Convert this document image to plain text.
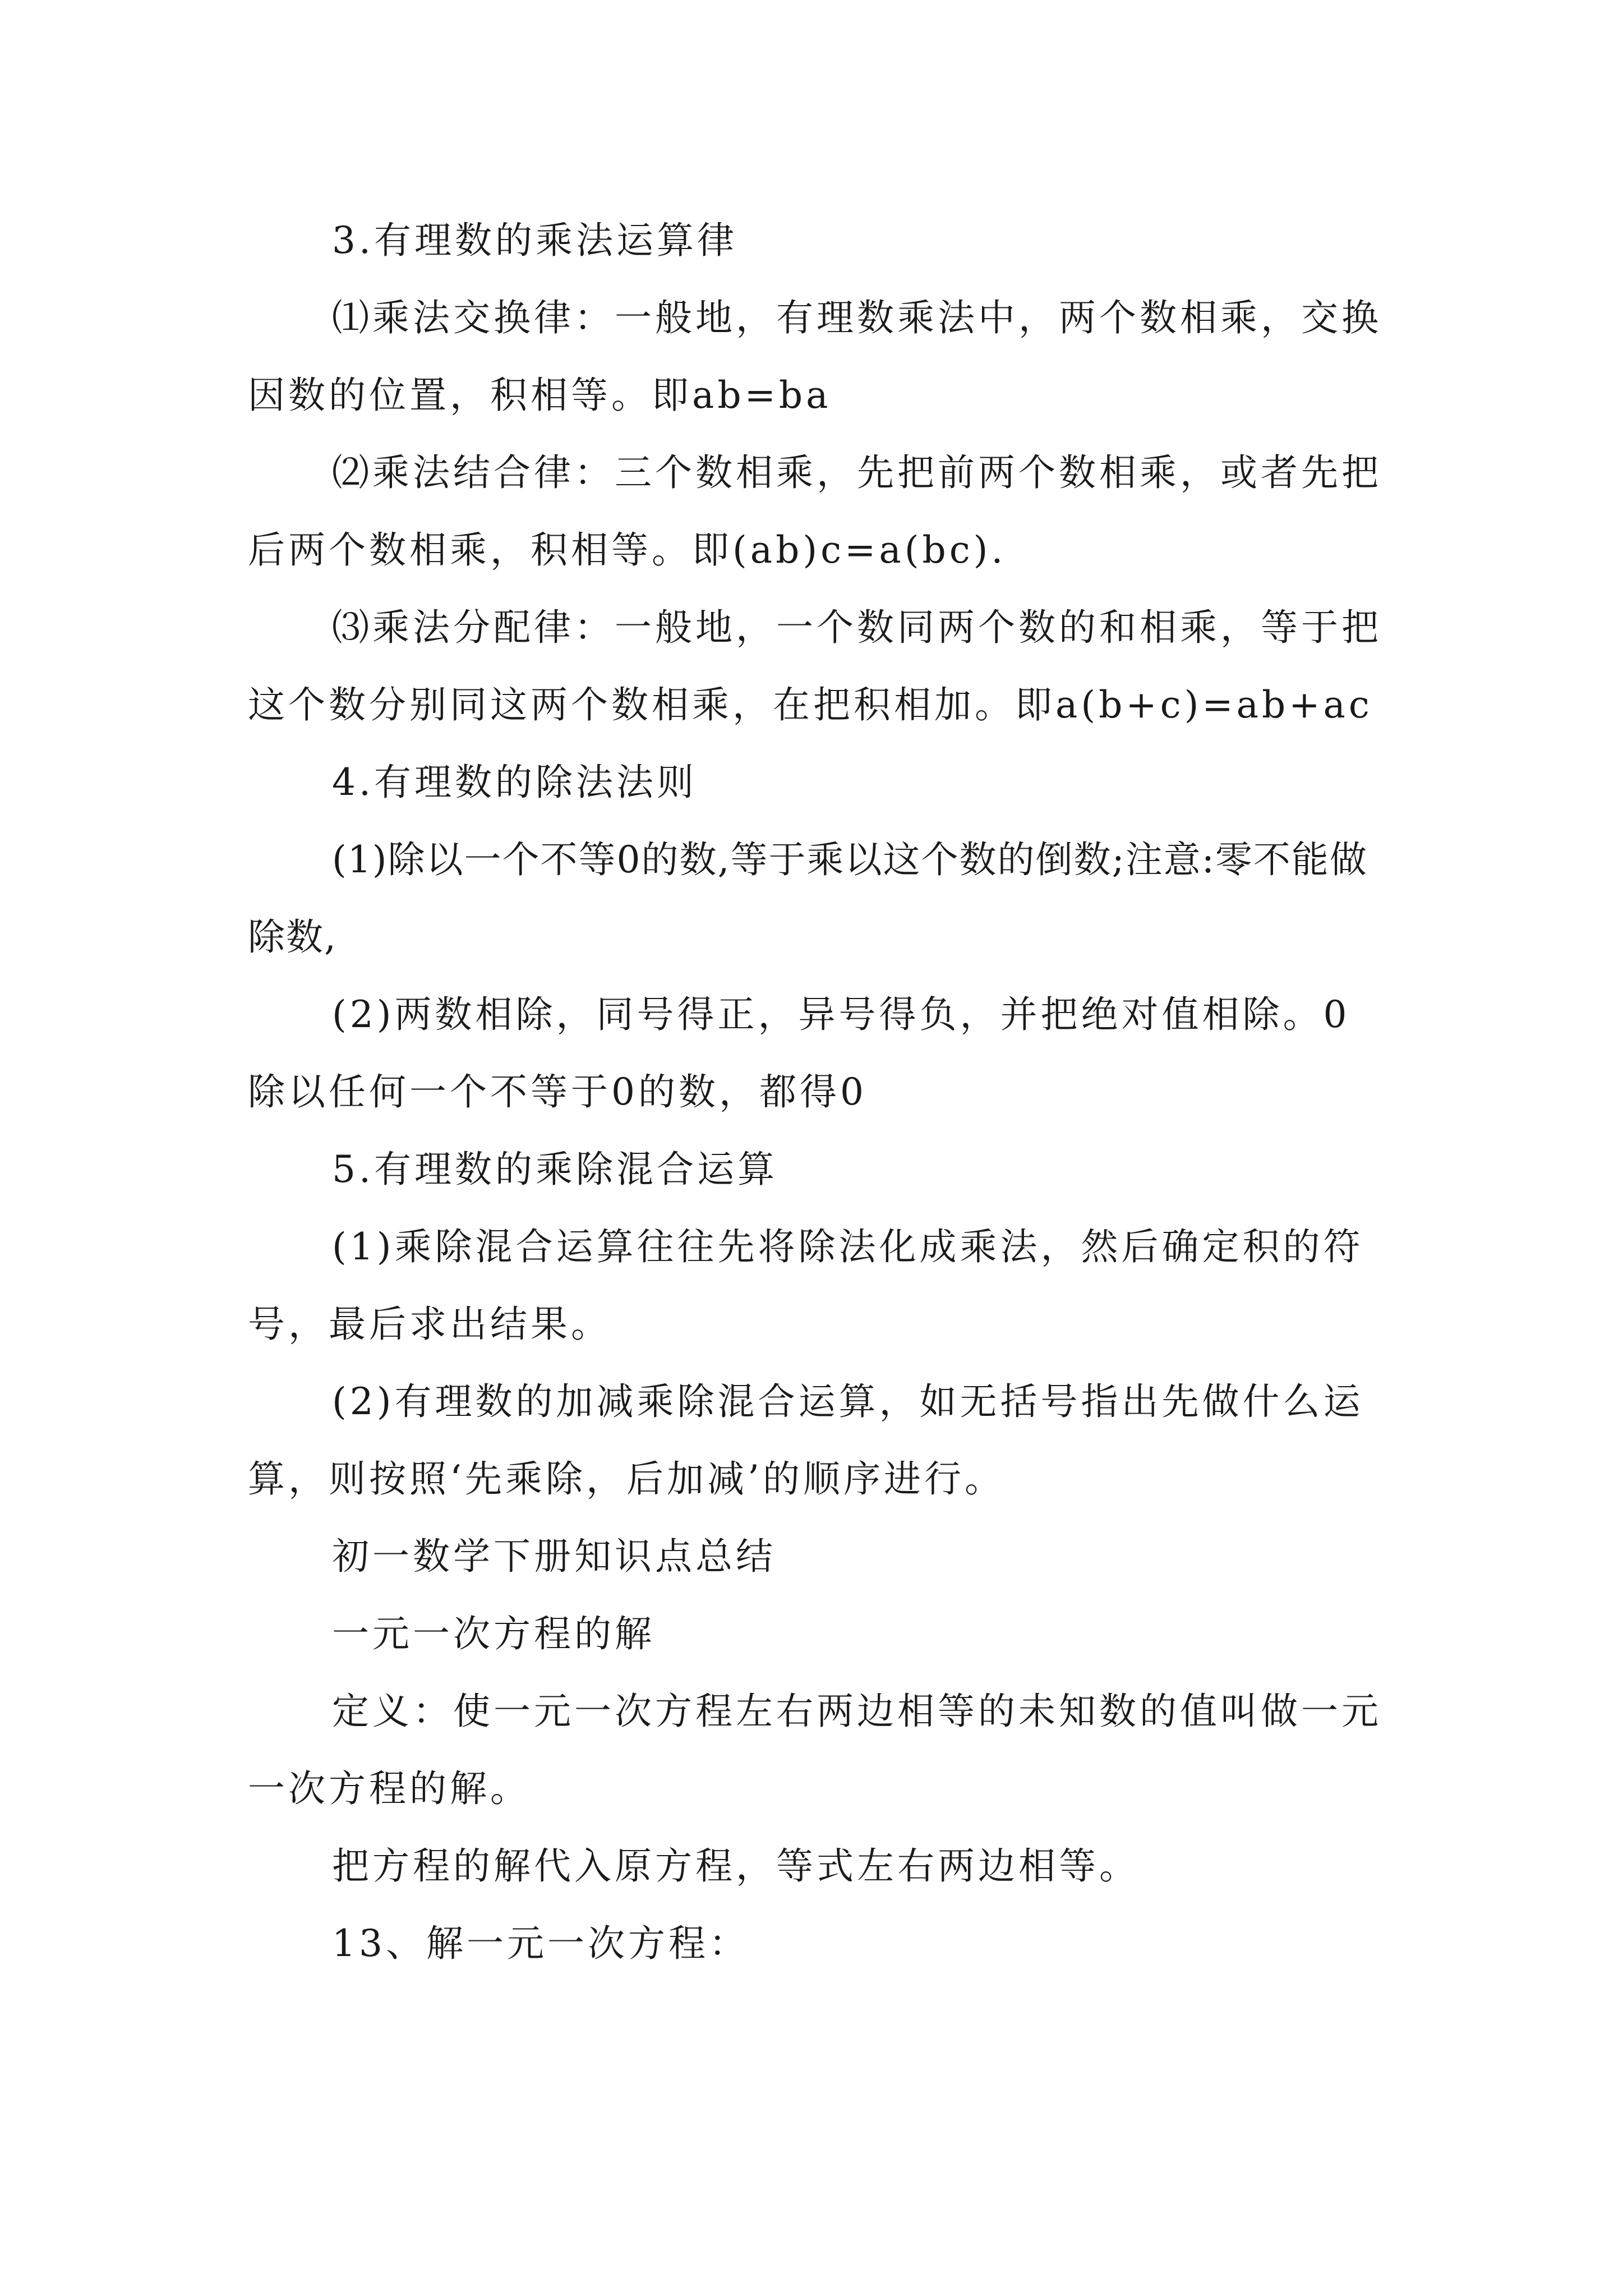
3.有理数的乘法运算律

⑴乘法交换律：一般地，有理数乘法中，两个数相乘，交换因数的位置，积相等。即ab=ba

⑵乘法结合律：三个数相乘，先把前两个数相乘，或者先把后两个数相乘，积相等。即(ab)c=a(bc).

⑶乘法分配律：一般地，一个数同两个数的和相乘，等于把这个数分别同这两个数相乘，在把积相加。即a(b+c)=ab+ac

4.有理数的除法法则

(1)除以一个不等0的数,等于乘以这个数的倒数;注意:零不能做除数,

(2)两数相除，同号得正，异号得负，并把绝对值相除。0除以任何一个不等于0的数，都得0

5.有理数的乘除混合运算

(1)乘除混合运算往往先将除法化成乘法，然后确定积的符号，最后求出结果。

(2)有理数的加减乘除混合运算，如无括号指出先做什么运算，则按照‘先乘除，后加减’的顺序进行。

初一数学下册知识点总结

一元一次方程的解

定义：使一元一次方程左右两边相等的未知数的值叫做一元一次方程的解。

把方程的解代入原方程，等式左右两边相等。

13、解一元一次方程：
